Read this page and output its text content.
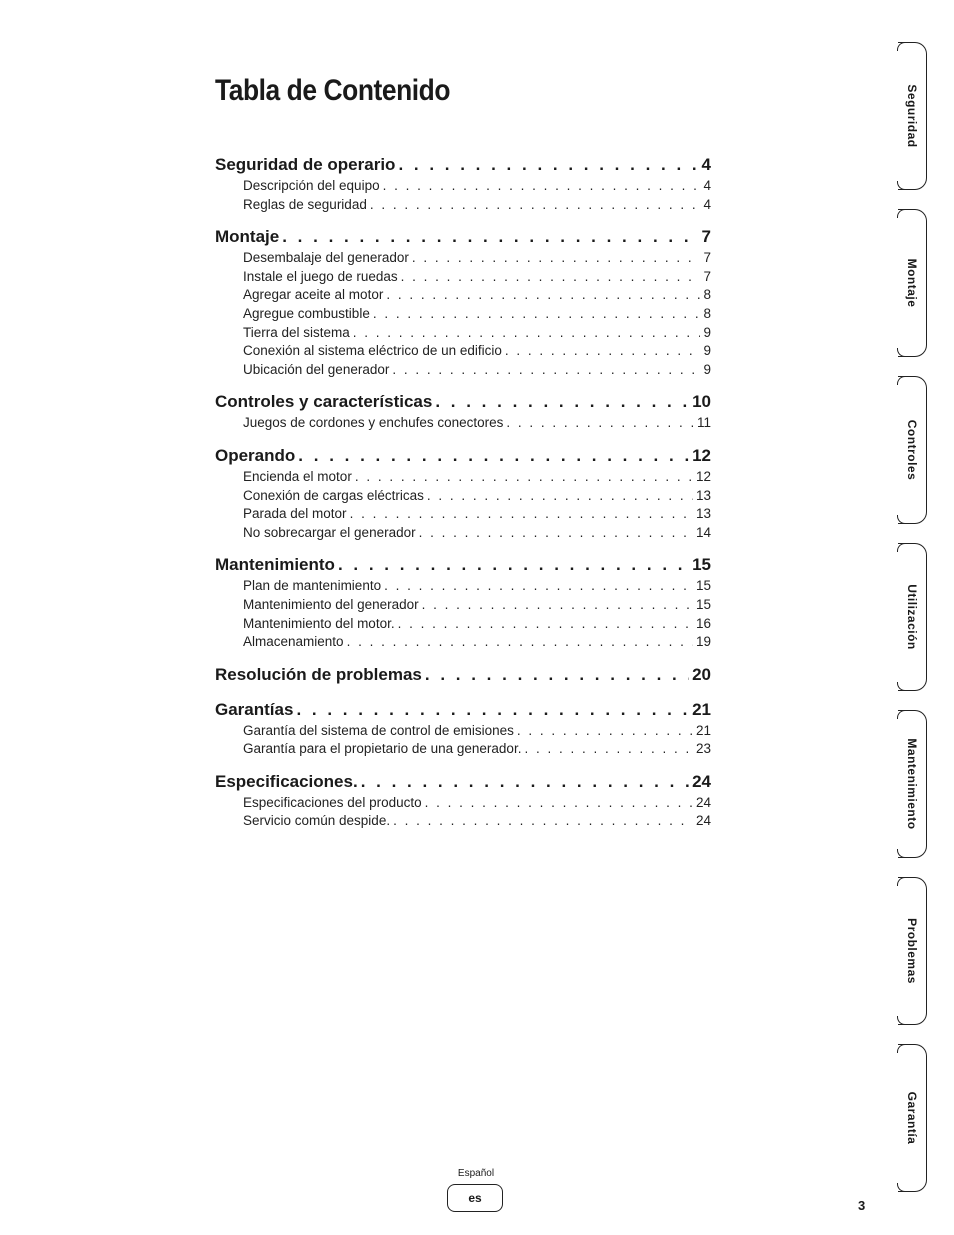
Tabla de Contenido
Seguridad de operario . . .	4
Descripción del equipo . . .	4
Reglas de seguridad . . .	4
Montaje . . .	7
Desembalaje del generador . . .	7
Instale el juego de ruedas . . .	7
Agregar aceite al motor . . .	8
Agregue combustible . . .	8
Tierra del sistema . . .	9
Conexión al sistema eléctrico de un edificio . . .	9
Ubicación del generador . . .	9
Controles y características . . .	10
Juegos de cordones y enchufes conectores . . .	11
Operando . . .	12
Encienda el motor . . .	12
Conexión de cargas eléctricas . . .	13
Parada del motor . . .	13
No sobrecargar el generador . . .	14
Mantenimiento . . .	15
Plan de mantenimiento . . .	15
Mantenimiento del generador . . .	15
Mantenimiento del motor. . . .	16
Almacenamiento . . .	19
Resolución de problemas . . .	20
Garantías . . .	21
Garantía del sistema de control de emisiones . . .	21
Garantía para el propietario de una generador. . . .	23
Especificaciones. . . .	24
Especificaciones del producto . . .	24
Servicio común despide. . . .	24
Seguridad
Montaje
Controles
Utilización
Mantenimiento
Problemas
Garantía
Español
es	3
